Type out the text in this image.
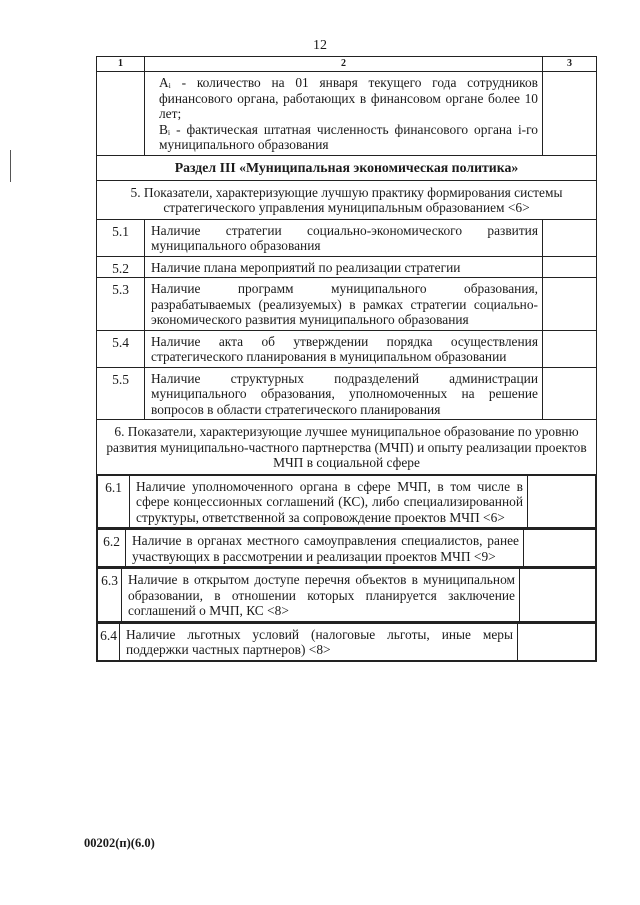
12
1	2	3

Aᵢ - количество на 01 января текущего года сотрудников финансового органа, работающих в финансовом органе более 10 лет;
Bᵢ - фактическая штатная численность финансового органа i-го муниципального образования

Раздел III «Муниципальная экономическая политика»
5. Показатели, характеризующие лучшую практику формирования системы стратегического управления муниципальным образованием <6>
5.1	Наличие стратегии социально-экономического развития муниципального образования	
5.2	Наличие плана мероприятий по реализации стратегии	
5.3	Наличие программ муниципального образования, разрабатываемых (реализуемых) в рамках стратегии социально-экономического развития муниципального образования	
5.4	Наличие акта об утверждении порядка осуществления стратегического планирования в муниципальном образовании	
5.5	Наличие структурных подразделений администрации муниципального образования, уполномоченных на решение вопросов в области стратегического планирования	
6. Показатели, характеризующие лучшее муниципальное образование по уровню развития муниципально-частного партнерства (МЧП) и опыту реализации проектов МЧП в социальной сфере

6.1	Наличие уполномоченного органа в сфере МЧП, в том числе в сфере концессионных соглашений (КС), либо специализированной структуры, ответственной за сопровождение проектов МЧП <6>	

6.2	Наличие в органах местного самоуправления специалистов, ранее участвующих в рассмотрении и реализации проектов МЧП <9>	

6.3	Наличие в открытом доступе перечня объектов в муниципальном образовании, в отношении которых планируется заключение соглашений о МЧП, КС <8>	

6.4	Наличие льготных условий (налоговые льготы, иные меры поддержки частных партнеров) <8>	
00202(п)(6.0)
